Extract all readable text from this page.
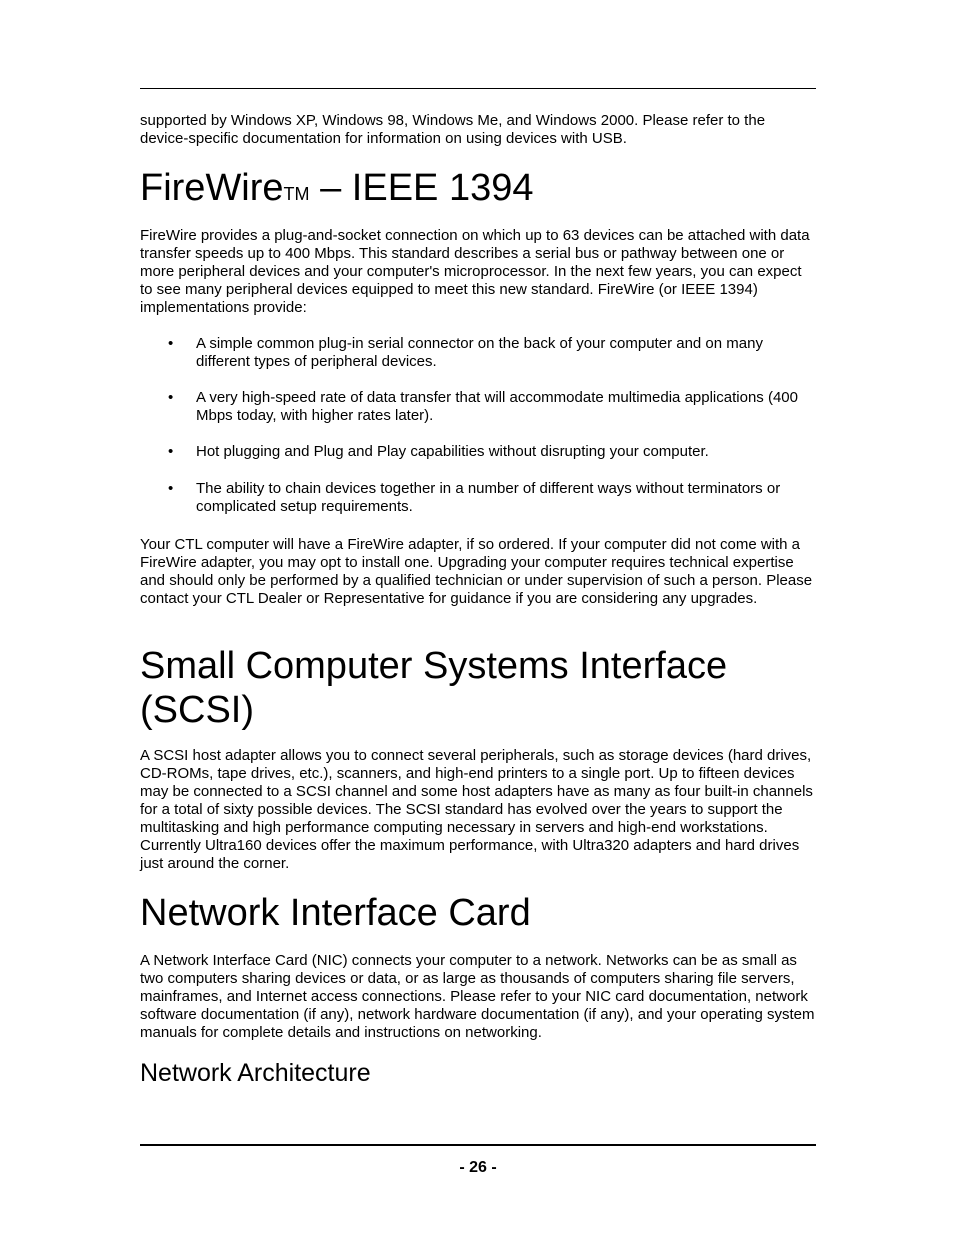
supported by Windows XP, Windows 98, Windows Me, and Windows 2000. Please refer to the device-specific documentation for information on using devices with USB.

FireWireTM – IEEE 1394

FireWire provides a plug-and-socket connection on which up to 63 devices can be attached with data transfer speeds up to 400 Mbps. This standard describes a serial bus or pathway between one or more peripheral devices and your computer's microprocessor. In the next few years, you can expect to see many peripheral devices equipped to meet this new standard. FireWire (or IEEE 1394) implementations provide:

• A simple common plug-in serial connector on the back of your computer and on many different types of peripheral devices.
• A very high-speed rate of data transfer that will accommodate multimedia applications (400 Mbps today, with higher rates later).
• Hot plugging and Plug and Play capabilities without disrupting your computer.
• The ability to chain devices together in a number of different ways without terminators or complicated setup requirements.

Your CTL computer will have a FireWire adapter, if so ordered. If your computer did not come with a FireWire adapter, you may opt to install one. Upgrading your computer requires technical expertise and should only be performed by a qualified technician or under supervision of such a person. Please contact your CTL Dealer or Representative for guidance if you are considering any upgrades.

Small Computer Systems Interface (SCSI)

A SCSI host adapter allows you to connect several peripherals, such as storage devices (hard drives, CD-ROMs, tape drives, etc.), scanners, and high-end printers to a single port. Up to fifteen devices may be connected to a SCSI channel and some host adapters have as many as four built-in channels for a total of sixty possible devices. The SCSI standard has evolved over the years to support the multitasking and high performance computing necessary in servers and high-end workstations. Currently Ultra160 devices offer the maximum performance, with Ultra320 adapters and hard drives just around the corner.

Network Interface Card

A Network Interface Card (NIC) connects your computer to a network. Networks can be as small as two computers sharing devices or data, or as large as thousands of computers sharing file servers, mainframes, and Internet access connections. Please refer to your NIC card documentation, network software documentation (if any), network hardware documentation (if any), and your operating system manuals for complete details and instructions on networking.

Network Architecture
- 26 -
